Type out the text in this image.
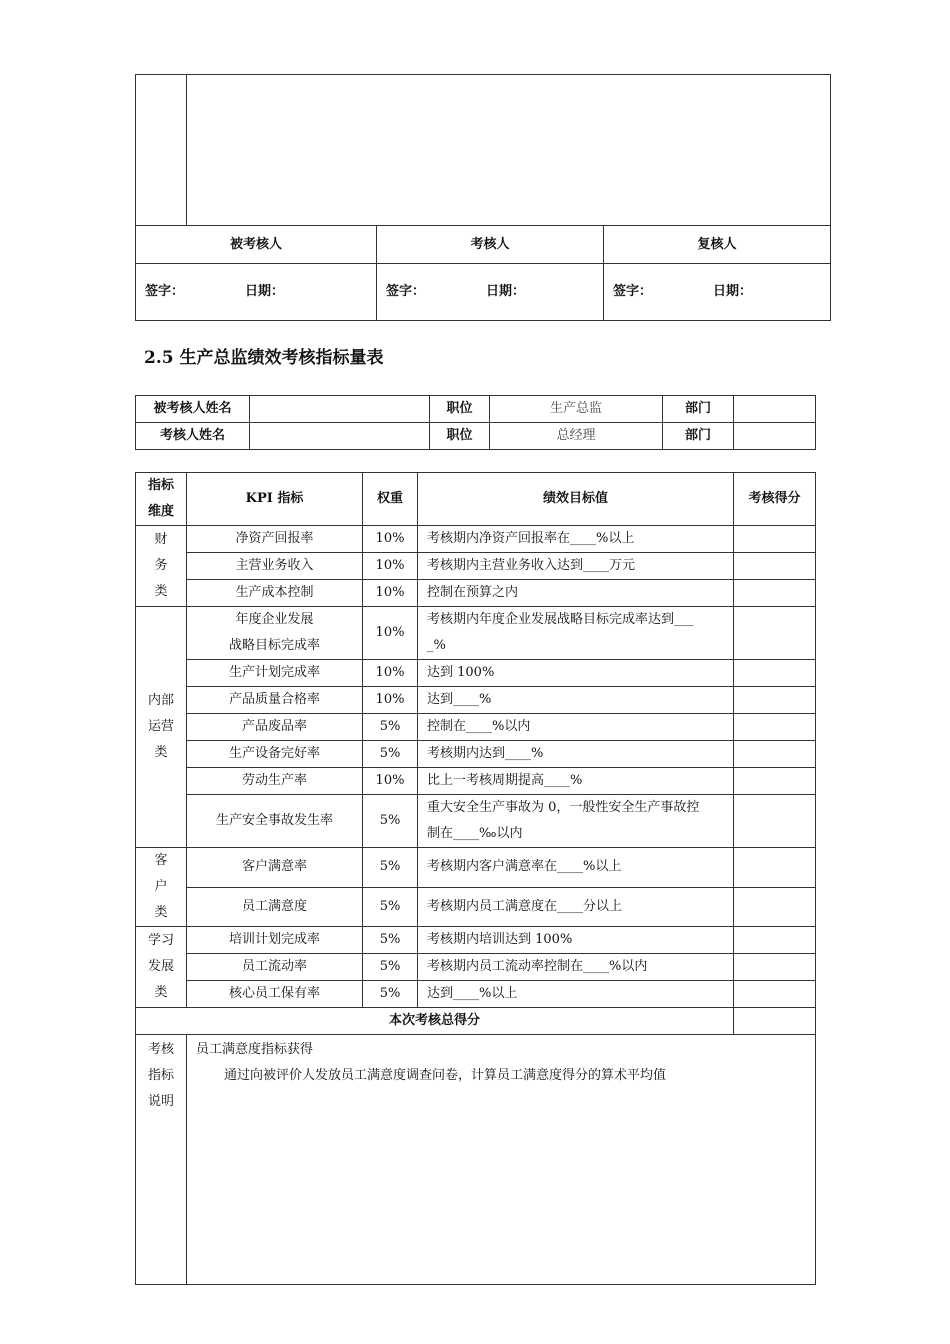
被考核人		考核人	复核人
签字： 日期：		签字： 日期：	签字： 日期：
2.5 生产总监绩效考核指标量表
被考核人姓名		职位	生产总监	部门	
考核人姓名		职位	总经理	部门	
指标
维度	KPI 指标	权重	绩效目标值	考核得分

财
务
类	净资产回报率	10%	考核期内净资产回报率在____%以上	
	主营业务收入	10%	考核期内主营业务收入达到____万元	
	生产成本控制	10%	控制在预算之内	

内部
运营
类	年度企业发展
战略目标完成率	10%	考核期内年度企业发展战略目标完成率达到___
_%	

	生产计划完成率	10%	达到 100%	
	产品质量合格率	10%	达到____%	
	产品废品率	5%	控制在____%以内	
	生产设备完好率	5%	考核期内达到____%	
	劳动生产率	10%	比上一考核周期提高____%	
	生产安全事故发生率	5%	重大安全生产事故为 0，一般性安全生产事故控
制在____‰以内	

客
户
类	客户满意率	5%	考核期内客户满意率在____%以上	
	员工满意度	5%	考核期内员工满意度在____分以上	

学习
发展
类	培训计划完成率	5%	考核期内培训达到 100%	
	员工流动率	5%	考核期内员工流动率控制在____%以内	
	核心员工保有率	5%	达到____%以上	
本次考核总得分				

考核
指标
说明	员工满意度指标获得
通过向被评价人发放员工满意度调查问卷，计算员工满意度得分的算术平均值			
